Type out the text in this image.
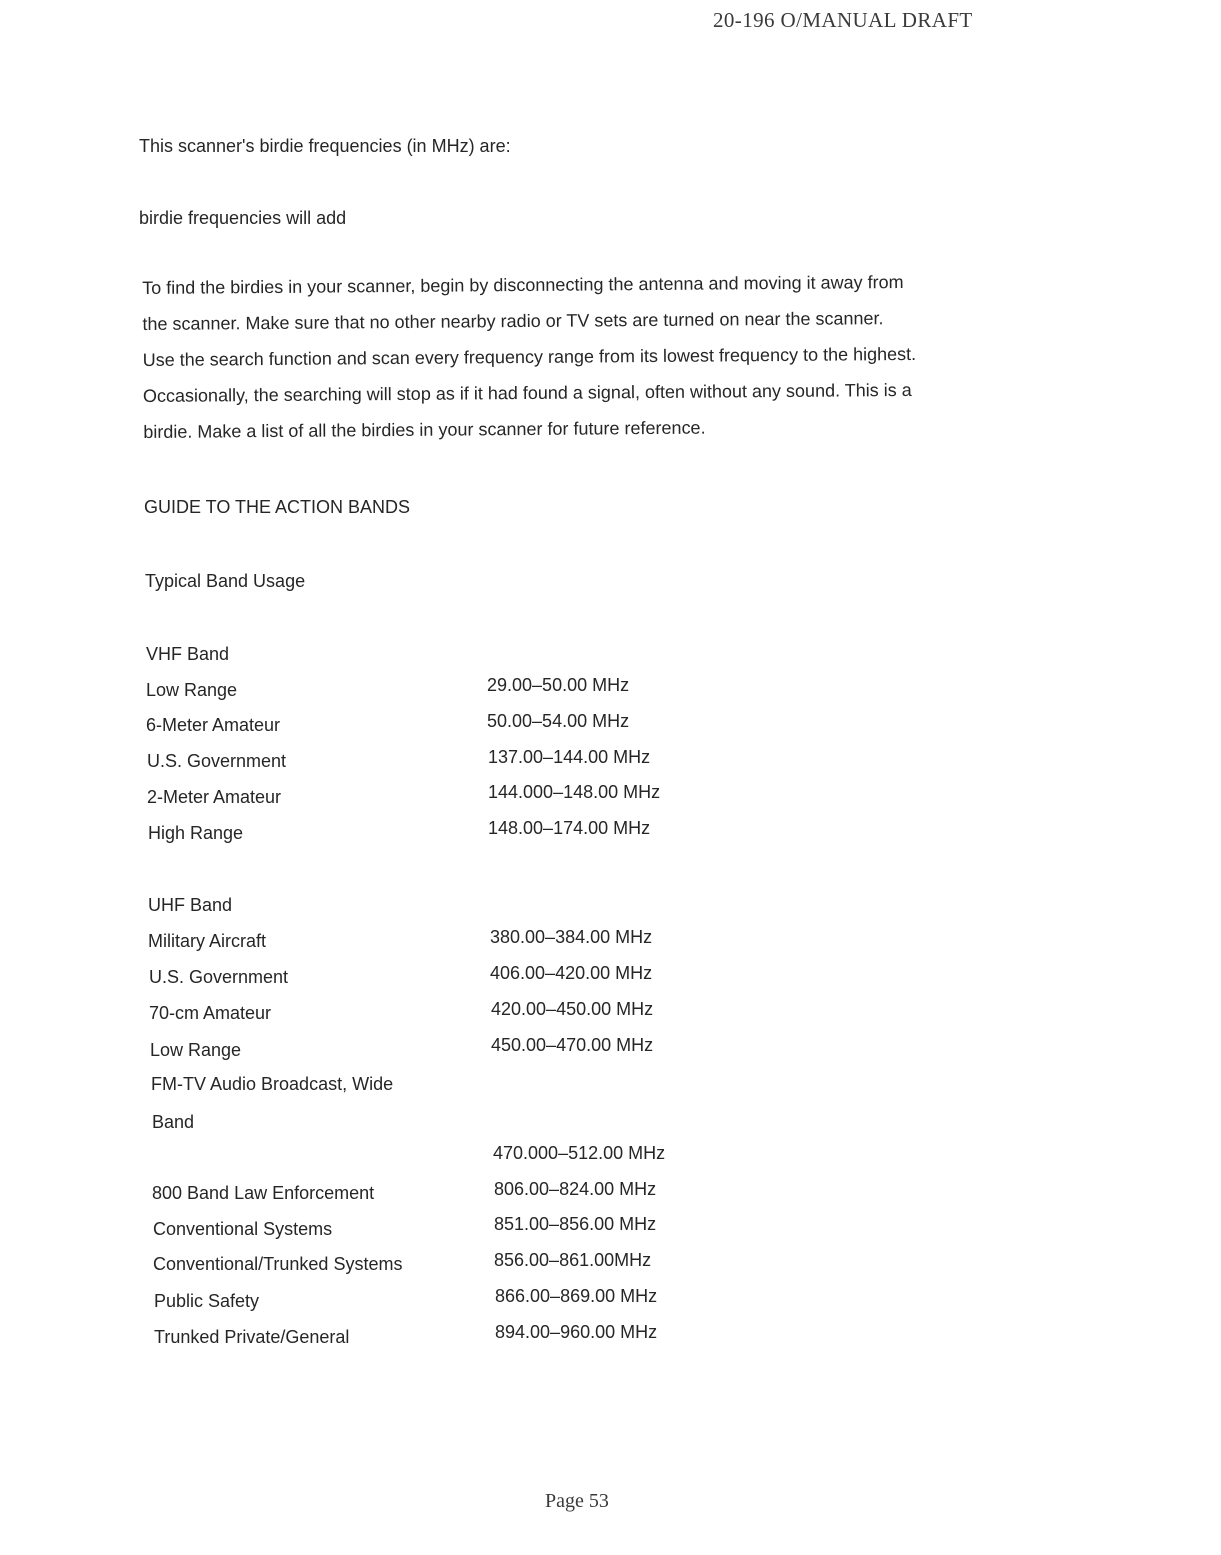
20-196 O/MANUAL DRAFT
This scanner's birdie frequencies (in MHz) are:
birdie frequencies will add
To find the birdies in your scanner, begin by disconnecting the antenna and moving it away from
the scanner. Make sure that no other nearby radio or TV sets are turned on near the scanner.
Use the search function and scan every frequency range from its lowest frequency to the highest.
Occasionally, the searching will stop as if it had found a signal, often without any sound. This is a
birdie. Make a list of all the birdies in your scanner for future reference.
GUIDE TO THE ACTION BANDS
Typical Band Usage
VHF Band
Low Range	29.00–50.00 MHz
6-Meter Amateur	50.00–54.00 MHz
U.S. Government	137.00–144.00 MHz
2-Meter Amateur	144.000–148.00 MHz
High Range	148.00–174.00 MHz
UHF Band
Military Aircraft	380.00–384.00 MHz
U.S. Government	406.00–420.00 MHz
70-cm Amateur	420.00–450.00 MHz
Low Range	450.00–470.00 MHz
FM-TV Audio Broadcast, Wide
Band
470.000–512.00 MHz
800 Band Law Enforcement	806.00–824.00 MHz
Conventional Systems	851.00–856.00 MHz
Conventional/Trunked Systems	856.00–861.00MHz
Public Safety	866.00–869.00 MHz
Trunked Private/General	894.00–960.00 MHz
Page 53
